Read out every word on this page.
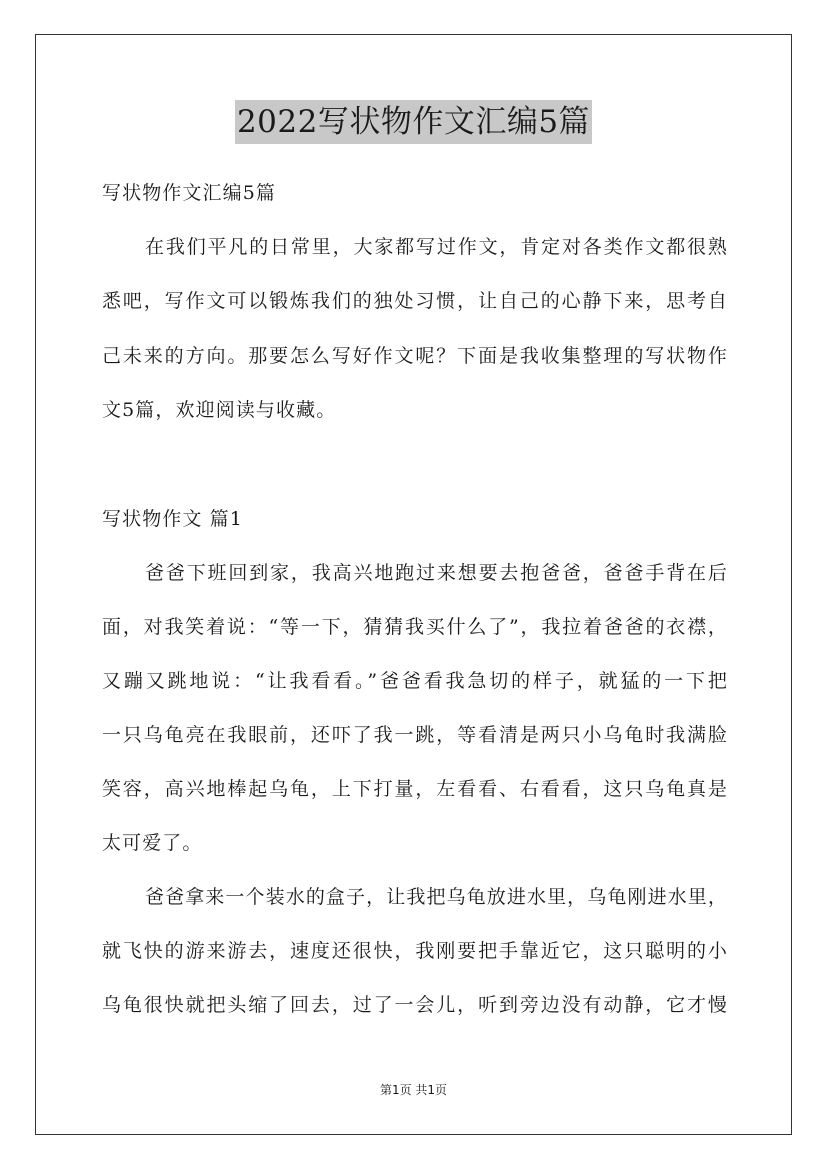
2022写状物作文汇编5篇
写状物作文汇编5篇
在我们平凡的日常里，大家都写过作文，肯定对各类作文都很熟
悉吧，写作文可以锻炼我们的独处习惯，让自己的心静下来，思考自
己未来的方向。那要怎么写好作文呢？下面是我收集整理的写状物作
文5篇，欢迎阅读与收藏。
写状物作文 篇1
爸爸下班回到家，我高兴地跑过来想要去抱爸爸，爸爸手背在后
面，对我笑着说：“等一下，猜猜我买什么了”，我拉着爸爸的衣襟，
又蹦又跳地说：“让我看看。”爸爸看我急切的样子，就猛的一下把
一只乌龟亮在我眼前，还吓了我一跳，等看清是两只小乌龟时我满脸
笑容，高兴地棒起乌龟，上下打量，左看看、右看看，这只乌龟真是
太可爱了。
爸爸拿来一个装水的盒子，让我把乌龟放进水里，乌龟刚进水里，
就飞快的游来游去，速度还很快，我刚要把手靠近它，这只聪明的小
乌龟很快就把头缩了回去，过了一会儿，听到旁边没有动静，它才慢
第1页 共1页
